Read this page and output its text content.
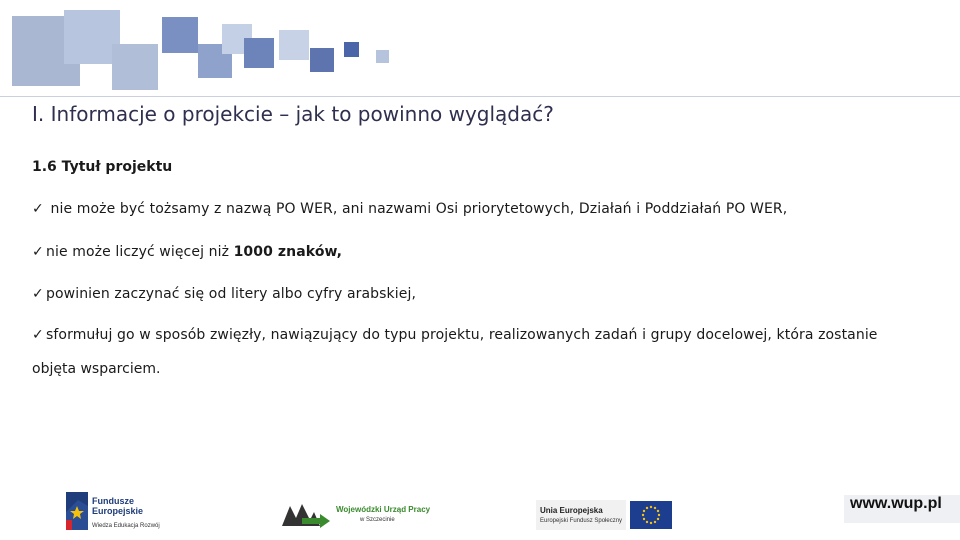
I. Informacje o projekcie – jak to powinno wyglądać?
1.6 Tytuł projektu
✓ nie może być tożsamy z nazwą PO WER, ani nazwami Osi priorytetowych, Działań i Poddziałań PO WER,
✓ nie może liczyć więcej niż 1000 znaków,
✓ powinien zaczynać się od litery albo cyfry arabskiej,
✓ sformułuj go w sposób zwięzły, nawiązujący do typu projektu, realizowanych zadań i grupy docelowej, która zostanie
objęta wsparciem.
Fundusze
Europejskie
Wiedza Edukacja Rozwój
Wojewódzki Urząd Pracy
w Szczecinie
Unia Europejska
Europejski Fundusz Społeczny
www.wup.pl
